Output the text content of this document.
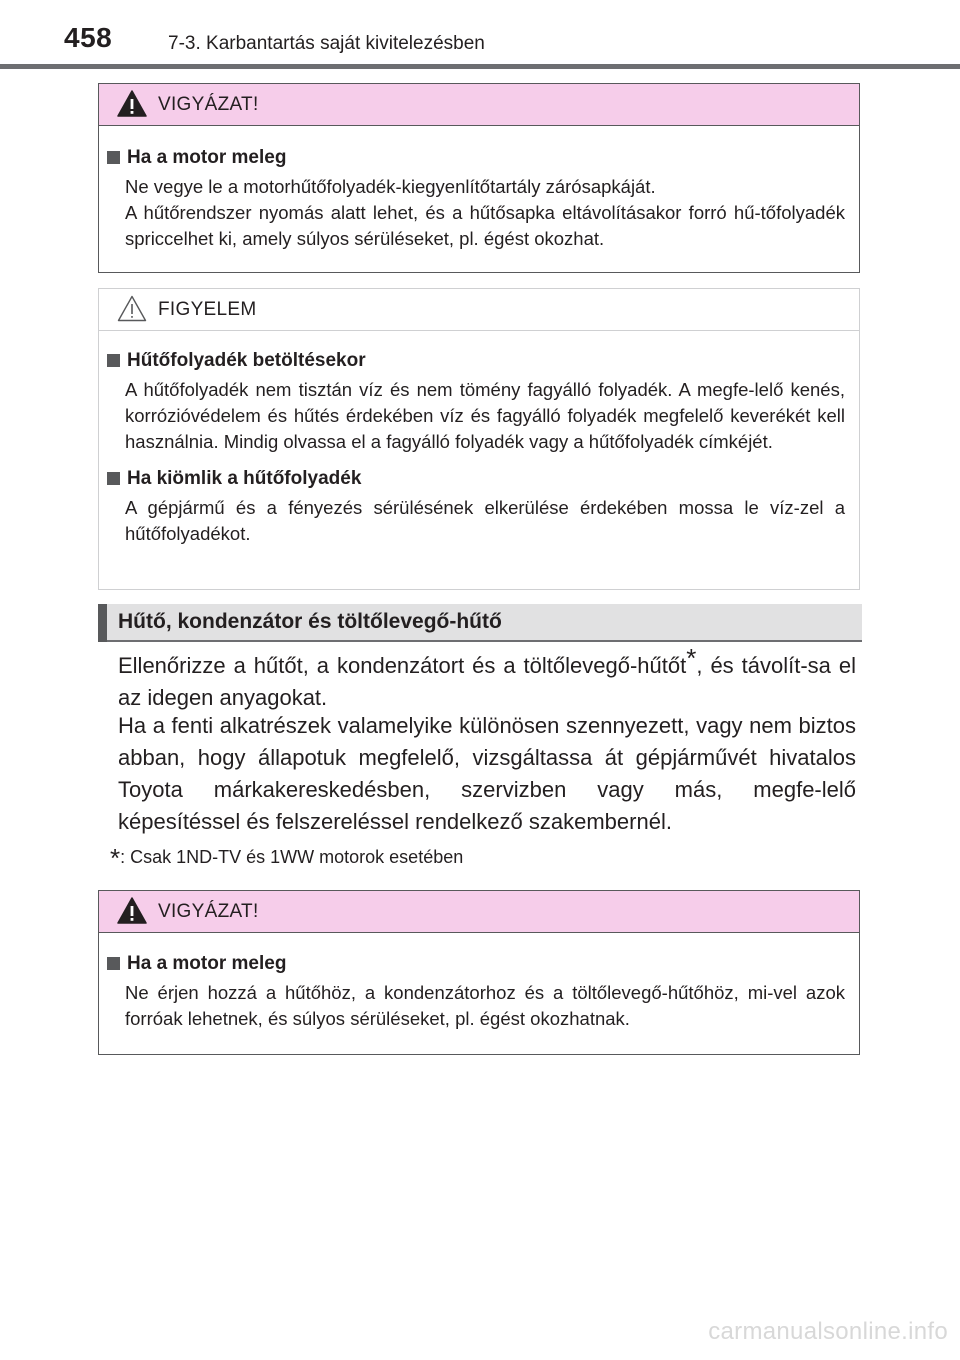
458	7-3. Karbantartás saját kivitelezésben
VIGYÁZAT!
Ha a motor meleg
Ne vegye le a motorhűtőfolyadék-kiegyenlítőtartály zárósapkáját.
A hűtőrendszer nyomás alatt lehet, és a hűtősapka eltávolításakor forró hű-tőfolyadék spriccelhet ki, amely súlyos sérüléseket, pl. égést okozhat.
FIGYELEM
Hűtőfolyadék betöltésekor
A hűtőfolyadék nem tisztán víz és nem tömény fagyálló folyadék. A megfe-lelő kenés, korrózióvédelem és hűtés érdekében víz és fagyálló folyadék megfelelő keverékét kell használnia. Mindig olvassa el a fagyálló folyadék vagy a hűtőfolyadék címkéjét.
Ha kiömlik a hűtőfolyadék
A gépjármű és a fényezés sérülésének elkerülése érdekében mossa le víz-zel a hűtőfolyadékot.
Hűtő, kondenzátor és töltőlevegő-hűtő
Ellenőrizze a hűtőt, a kondenzátort és a töltőlevegő-hűtőt*, és távolít-sa el az idegen anyagokat.
Ha a fenti alkatrészek valamelyike különösen szennyezett, vagy nem biztos abban, hogy állapotuk megfelelő, vizsgáltassa át gépjárművét hivatalos Toyota márkakereskedésben, szervizben vagy más, megfe-lelő képesítéssel és felszereléssel rendelkező szakembernél.
*: Csak 1ND-TV és 1WW motorok esetében
VIGYÁZAT!
Ha a motor meleg
Ne érjen hozzá a hűtőhöz, a kondenzátorhoz és a töltőlevegő-hűtőhöz, mi-vel azok forróak lehetnek, és súlyos sérüléseket, pl. égést okozhatnak.
carmanualsonline.info
